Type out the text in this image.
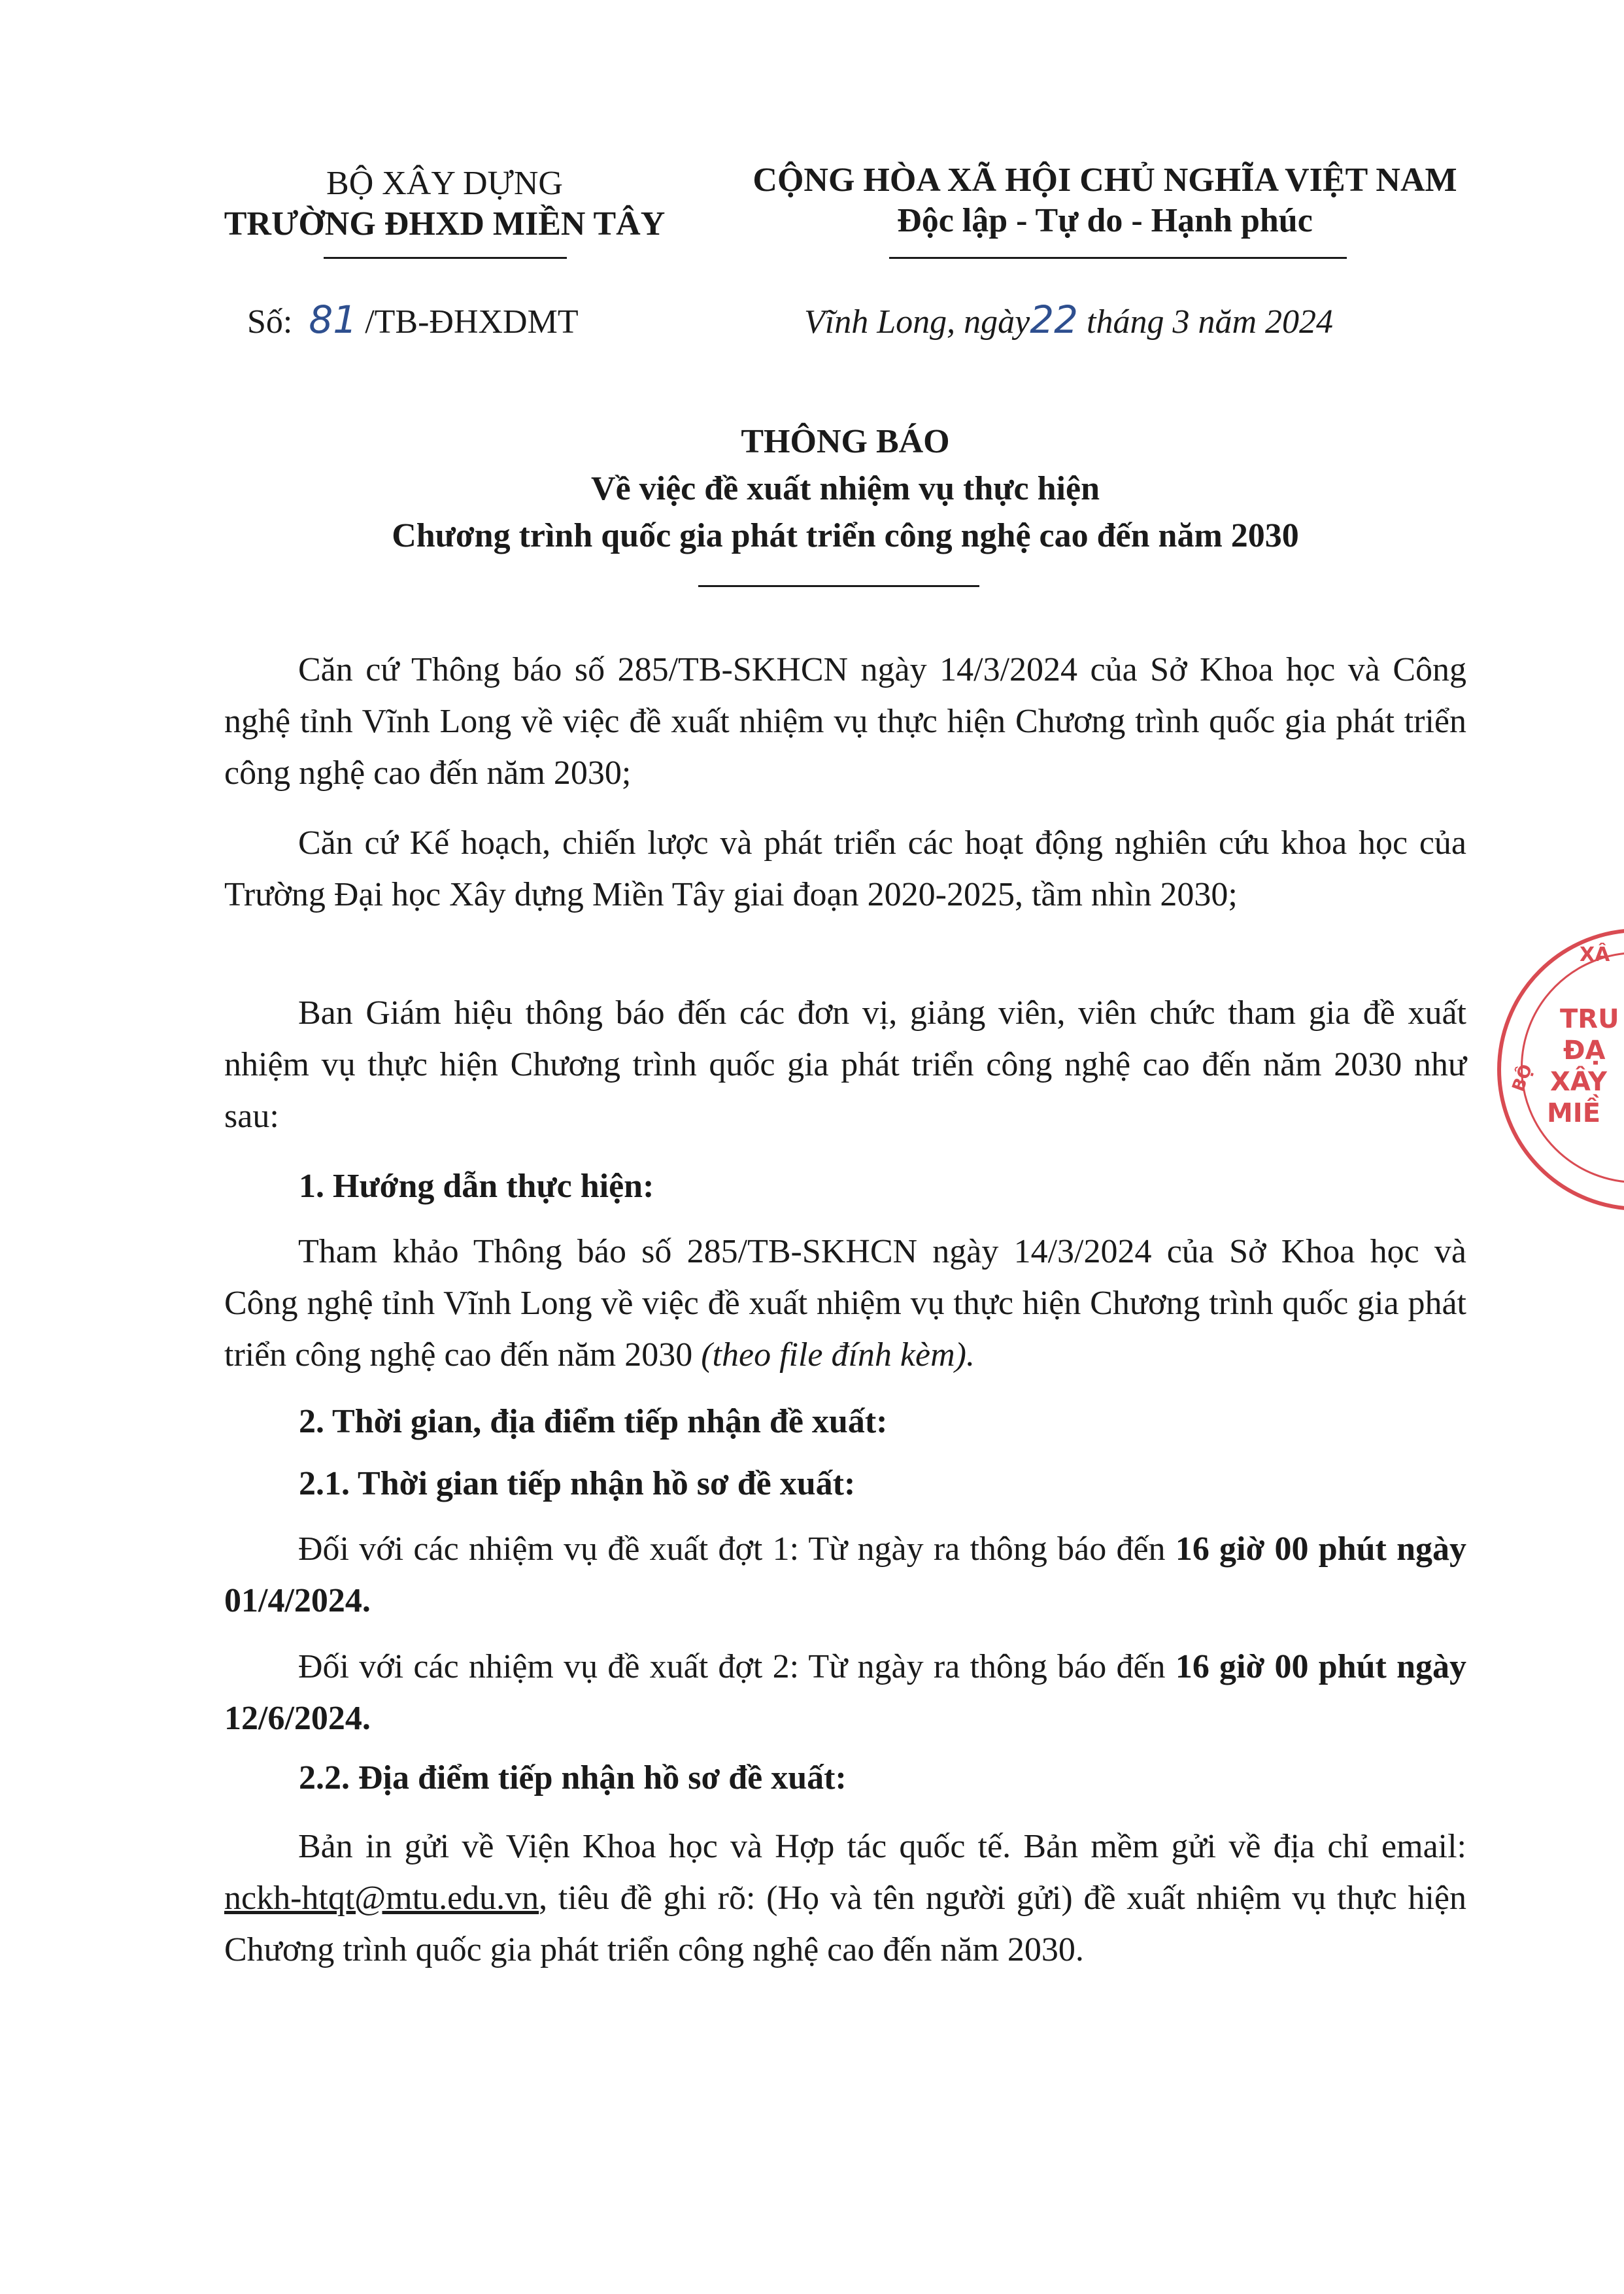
BỘ XÂY DỰNG
TRƯỜNG ĐHXD MIỀN TÂY
CỘNG HÒA XÃ HỘI CHỦ NGHĨA VIỆT NAM
Độc lập - Tự do - Hạnh phúc
Số: 81 /TB-ĐHXDMT	Vĩnh Long, ngày22 tháng 3 năm 2024
THÔNG BÁO
Về việc đề xuất nhiệm vụ thực hiện
Chương trình quốc gia phát triển công nghệ cao đến năm 2030
Căn cứ Thông báo số 285/TB-SKHCN ngày 14/3/2024 của Sở Khoa học và Công nghệ tỉnh Vĩnh Long về việc đề xuất nhiệm vụ thực hiện Chương trình quốc gia phát triển công nghệ cao đến năm 2030;
Căn cứ Kế hoạch, chiến lược và phát triển các hoạt động nghiên cứu khoa học của Trường Đại học Xây dựng Miền Tây giai đoạn 2020-2025, tầm nhìn 2030;
Ban Giám hiệu thông báo đến các đơn vị, giảng viên, viên chức tham gia đề xuất nhiệm vụ thực hiện Chương trình quốc gia phát triển công nghệ cao đến năm 2030 như sau:
1. Hướng dẫn thực hiện:
Tham khảo Thông báo số 285/TB-SKHCN ngày 14/3/2024 của Sở Khoa học và Công nghệ tỉnh Vĩnh Long về việc đề xuất nhiệm vụ thực hiện Chương trình quốc gia phát triển công nghệ cao đến năm 2030 (theo file đính kèm).
2. Thời gian, địa điểm tiếp nhận đề xuất:
2.1. Thời gian tiếp nhận hồ sơ đề xuất:
Đối với các nhiệm vụ đề xuất đợt 1: Từ ngày ra thông báo đến 16 giờ 00 phút ngày 01/4/2024.
Đối với các nhiệm vụ đề xuất đợt 2: Từ ngày ra thông báo đến 16 giờ 00 phút ngày 12/6/2024.
2.2. Địa điểm tiếp nhận hồ sơ đề xuất:
Bản in gửi về Viện Khoa học và Hợp tác quốc tế. Bản mềm gửi về địa chỉ email: nckh-htqt@mtu.edu.vn, tiêu đề ghi rõ: (Họ và tên người gửi) đề xuất nhiệm vụ thực hiện Chương trình quốc gia phát triển công nghệ cao đến năm 2030.
XÂ
TRU
ĐẠ
XÂY
MIỀ
BỘ
